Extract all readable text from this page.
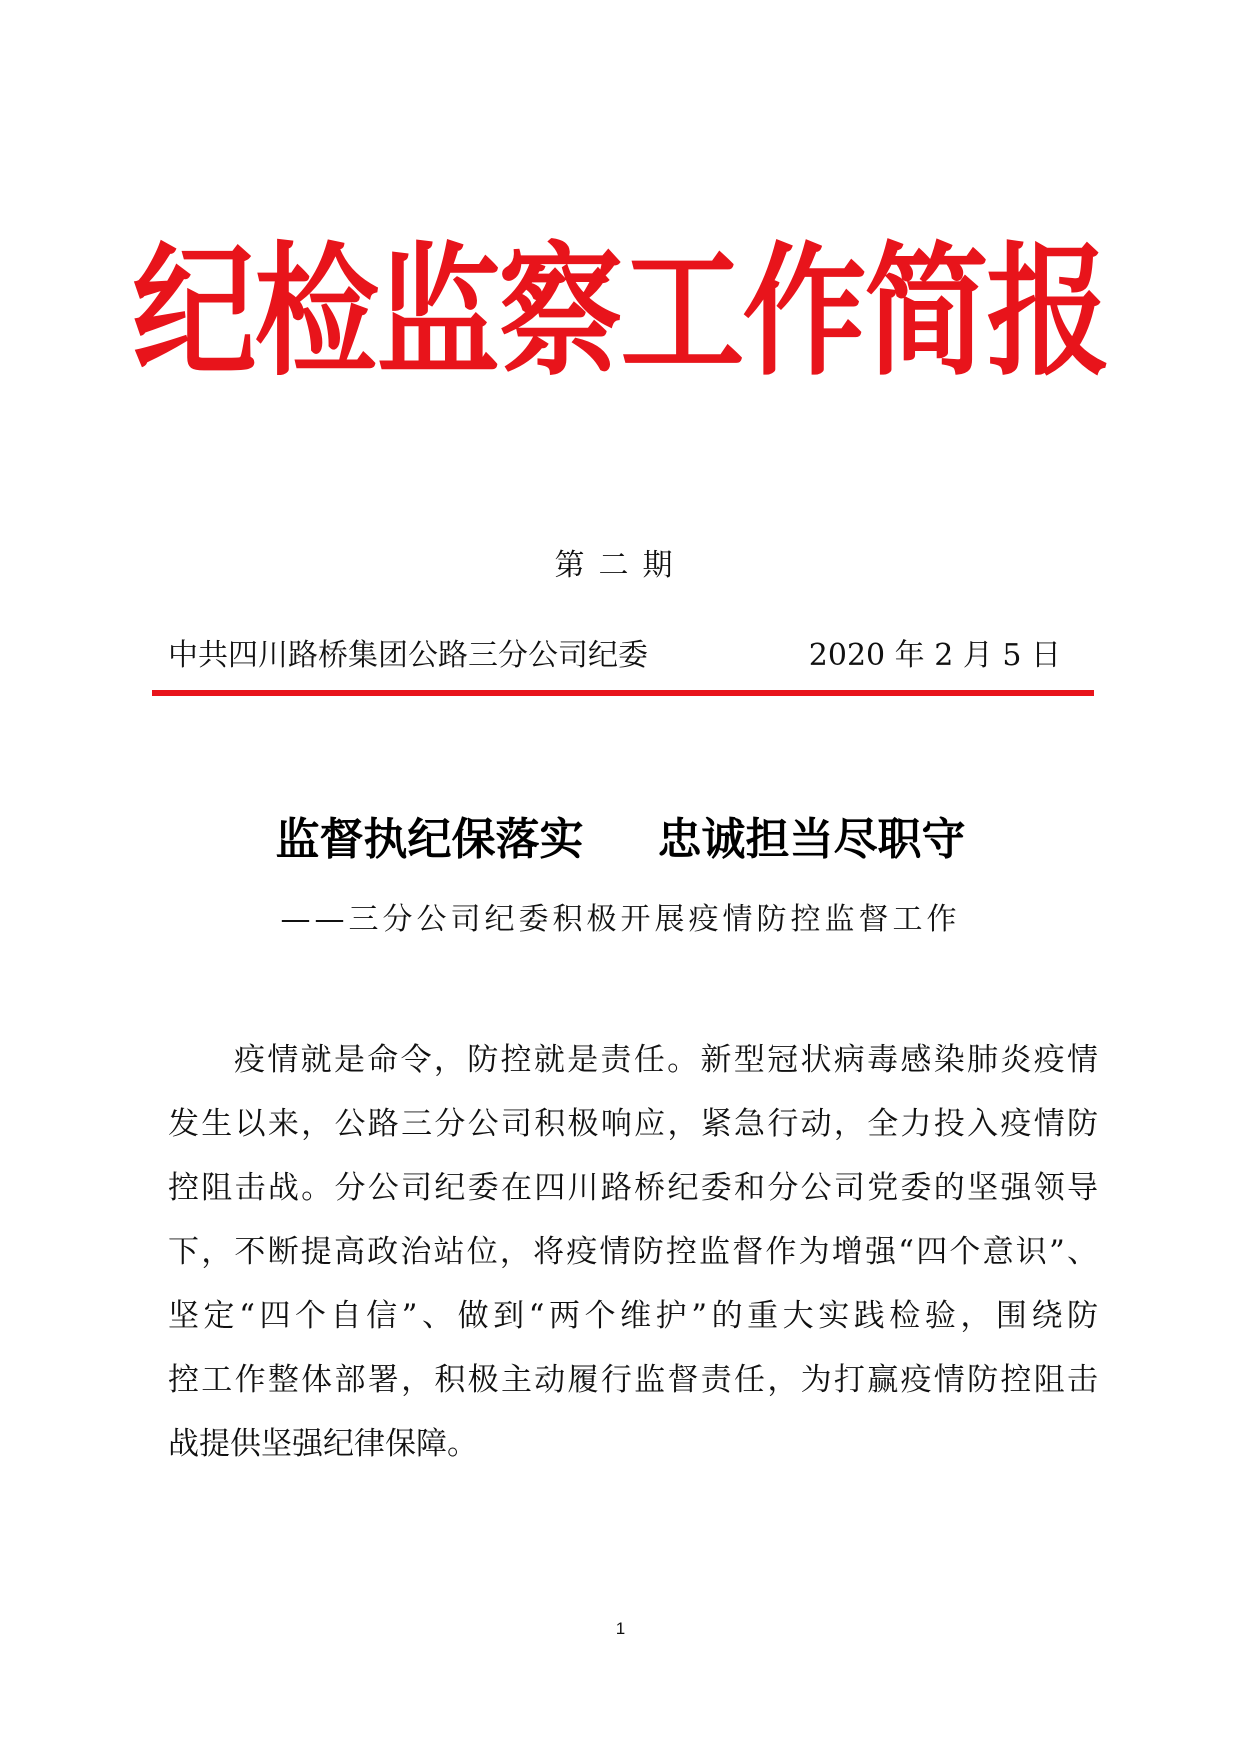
纪检监察工作简报
第二期
中共四川路桥集团公路三分公司纪委	2020 年 2 月 5 日
监督执纪保落实 忠诚担当尽职守
——三分公司纪委积极开展疫情防控监督工作
疫情就是命令，防控就是责任。新型冠状病毒感染肺炎疫情
发生以来，公路三分公司积极响应，紧急行动，全力投入疫情防
控阻击战。分公司纪委在四川路桥纪委和分公司党委的坚强领导
下，不断提高政治站位，将疫情防控监督作为增强“四个意识”、
坚定“四个自信”、做到“两个维护”的重大实践检验，围绕防
控工作整体部署，积极主动履行监督责任，为打赢疫情防控阻击
战提供坚强纪律保障。
1
